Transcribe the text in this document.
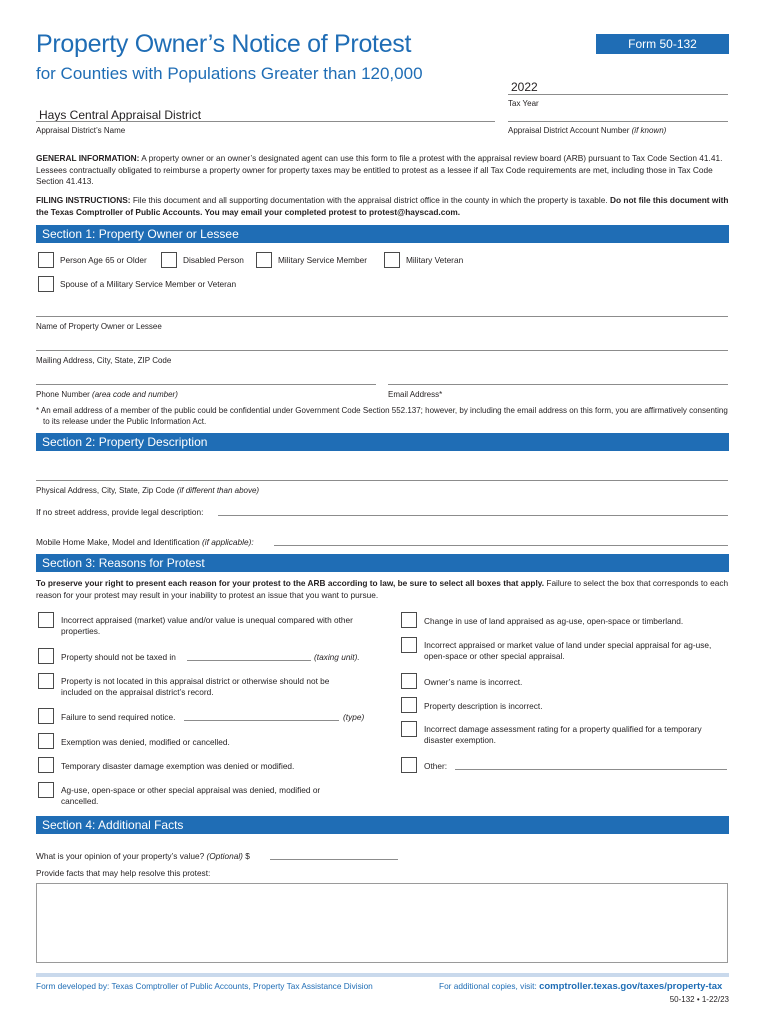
Property Owner’s Notice of Protest
for Counties with Populations Greater than 120,000
Form 50-132
2022
Tax Year
Hays Central Appraisal District
Appraisal District’s Name	Appraisal District Account Number (if known)
GENERAL INFORMATION: A property owner or an owner’s designated agent can use this form to file a protest with the appraisal review board (ARB) pursuant to Tax Code Section 41.41. Lessees contractually obligated to reimburse a property owner for property taxes may be entitled to protest as a lessee if all Tax Code requirements are met, including those in Tax Code Section 41.413.
FILING INSTRUCTIONS: File this document and all supporting documentation with the appraisal district office in the county in which the property is taxable. Do not file this document with the Texas Comptroller of Public Accounts. You may email your completed protest to protest@hayscad.com.
Section 1: Property Owner or Lessee
Person Age 65 or Older	Disabled Person	Military Service Member	Military Veteran
Spouse of a Military Service Member or Veteran
Name of Property Owner or Lessee
Mailing Address, City, State, ZIP Code
Phone Number (area code and number)	Email Address*
* An email address of a member of the public could be confidential under Government Code Section 552.137; however, by including the email address on this form, you are affirmatively consenting to its release under the Public Information Act.
Section 2: Property Description
Physical Address, City, State, Zip Code (if different than above)
If no street address, provide legal description:
Mobile Home Make, Model and Identification (if applicable):
Section 3: Reasons for Protest
To preserve your right to present each reason for your protest to the ARB according to law, be sure to select all boxes that apply. Failure to select the box that corresponds to each reason for your protest may result in your inability to protest an issue that you want to pursue.
Incorrect appraised (market) value and/or value is unequal compared with other properties.
Property should not be taxed in	(taxing unit).
Property is not located in this appraisal district or otherwise should not be included on the appraisal district’s record.
Failure to send required notice.	(type)
Exemption was denied, modified or cancelled.
Temporary disaster damage exemption was denied or modified.
Ag-use, open-space or other special appraisal was denied, modified or cancelled.
Change in use of land appraised as ag-use, open-space or timberland.
Incorrect appraised or market value of land under special appraisal for ag-use, open-space or other special appraisal.
Owner’s name is incorrect.
Property description is incorrect.
Incorrect damage assessment rating for a property qualified for a temporary disaster exemption.
Other:
Section 4: Additional Facts
What is your opinion of your property’s value? (Optional) $
Provide facts that may help resolve this protest:
Form developed by: Texas Comptroller of Public Accounts, Property Tax Assistance Division	For additional copies, visit: comptroller.texas.gov/taxes/property-tax
50-132 • 1-22/23
